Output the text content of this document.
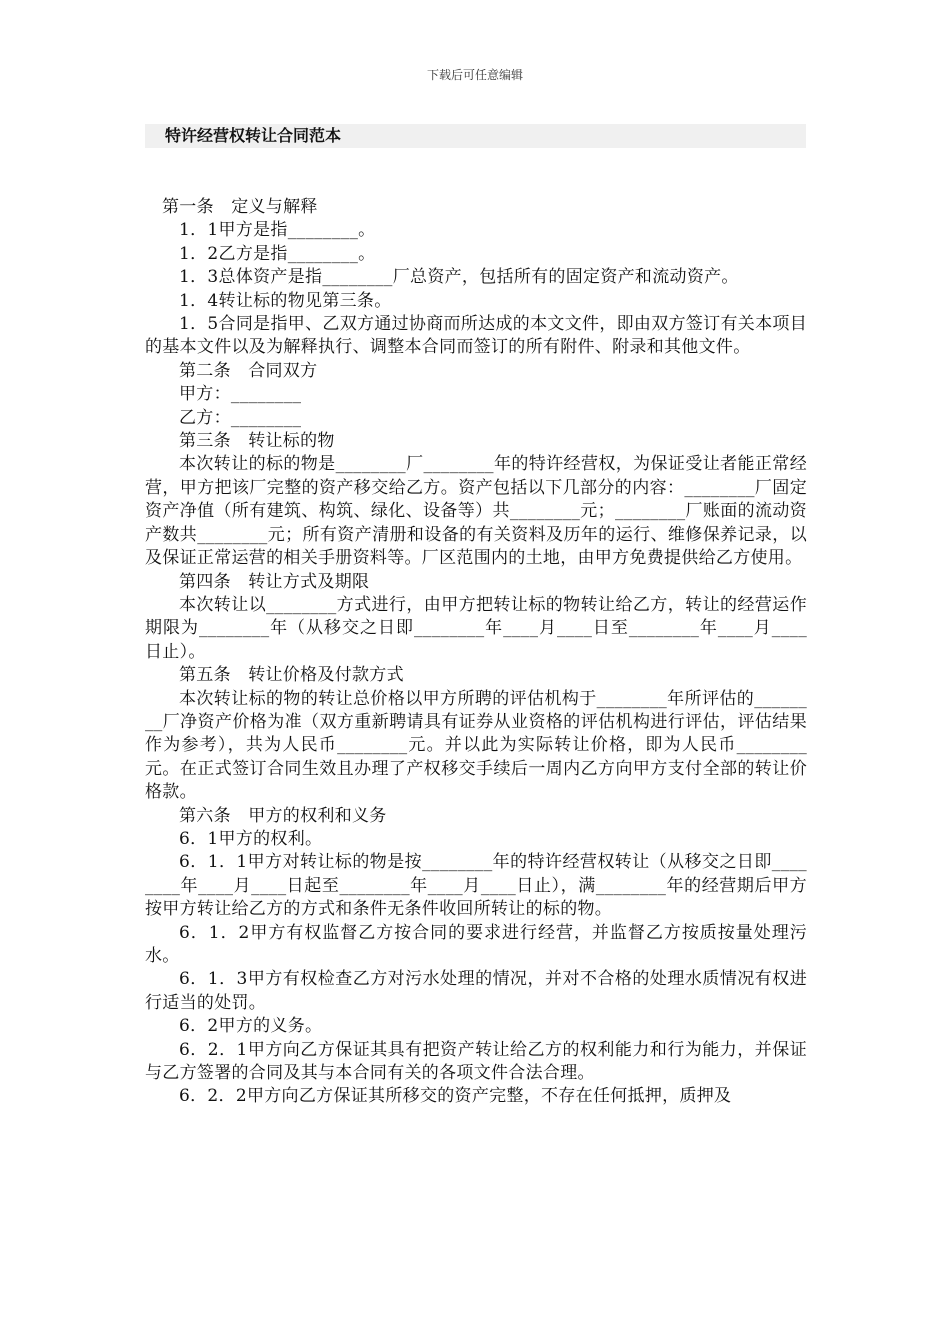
下载后可任意编辑
特许经营权转让合同范本

第一条　定义与解释

1．1甲方是指________。

1．2乙方是指________。

1．3总体资产是指________厂总资产，包括所有的固定资产和流动资产。

1．4转让标的物见第三条。

1．5合同是指甲、乙双方通过协商而所达成的本文文件，即由双方签订有关本项目的基本文件以及为解释执行、调整本合同而签订的所有附件、附录和其他文件。

第二条　合同双方

甲方：________

乙方：________

第三条　转让标的物

本次转让的标的物是________厂________年的特许经营权，为保证受让者能正常经营，甲方把该厂完整的资产移交给乙方。资产包括以下几部分的内容：________厂固定资产净值（所有建筑、构筑、绿化、设备等）共________元；________厂账面的流动资产数共________元；所有资产清册和设备的有关资料及历年的运行、维修保养记录，以及保证正常运营的相关手册资料等。厂区范围内的土地，由甲方免费提供给乙方使用。

第四条　转让方式及期限

本次转让以________方式进行，由甲方把转让标的物转让给乙方，转让的经营运作期限为________年（从移交之日即________年____月____日至________年____月____日止）。

第五条　转让价格及付款方式

本次转让标的物的转让总价格以甲方所聘的评估机构于________年所评估的________厂净资产价格为准（双方重新聘请具有证券从业资格的评估机构进行评估，评估结果作为参考），共为人民币________元。并以此为实际转让价格，即为人民币________元。在正式签订合同生效且办理了产权移交手续后一周内乙方向甲方支付全部的转让价格款。

第六条　甲方的权利和义务

6．1甲方的权利。

6．1．1甲方对转让标的物是按________年的特许经营权转让（从移交之日即________年____月____日起至________年____月____日止），满________年的经营期后甲方按甲方转让给乙方的方式和条件无条件收回所转让的标的物。

6．1．2甲方有权监督乙方按合同的要求进行经营，并监督乙方按质按量处理污水。

6．1．3甲方有权检查乙方对污水处理的情况，并对不合格的处理水质情况有权进行适当的处罚。

6．2甲方的义务。

6．2．1甲方向乙方保证其具有把资产转让给乙方的权利能力和行为能力，并保证与乙方签署的合同及其与本合同有关的各项文件合法合理。

6．2．2甲方向乙方保证其所移交的资产完整，不存在任何抵押，质押及
